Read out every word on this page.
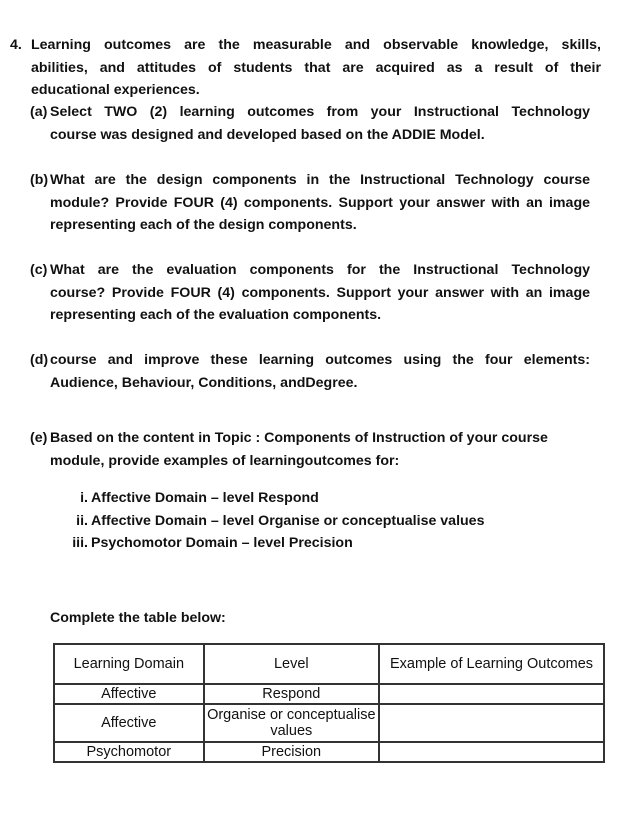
4. Learning outcomes are the measurable and observable knowledge, skills,
abilities, and attitudes of students that are acquired as a result of their
educational experiences.
(a) Select TWO (2) learning outcomes from your Instructional Technology
course was designed and developed based on the ADDIE Model.
(b) What are the design components in the Instructional Technology course
module? Provide FOUR (4) components. Support your answer with an image
representing each of the design components.
(c) What are the evaluation components for the Instructional Technology
course? Provide FOUR (4) components. Support your answer with an image
representing each of the evaluation components.
(d) course and improve these learning outcomes using the four elements:
Audience, Behaviour, Conditions, andDegree.
(e) Based on the content in Topic : Components of Instruction of your course
module, provide examples of learningoutcomes for:
i. Affective Domain – level Respond
ii. Affective Domain – level Organise or conceptualise values
iii. Psychomotor Domain – level Precision
Complete the table below:
Learning Domain	Level	Example of Learning Outcomes
Affective	Respond	
Affective	Organise or conceptualise values	
Psychomotor	Precision	
